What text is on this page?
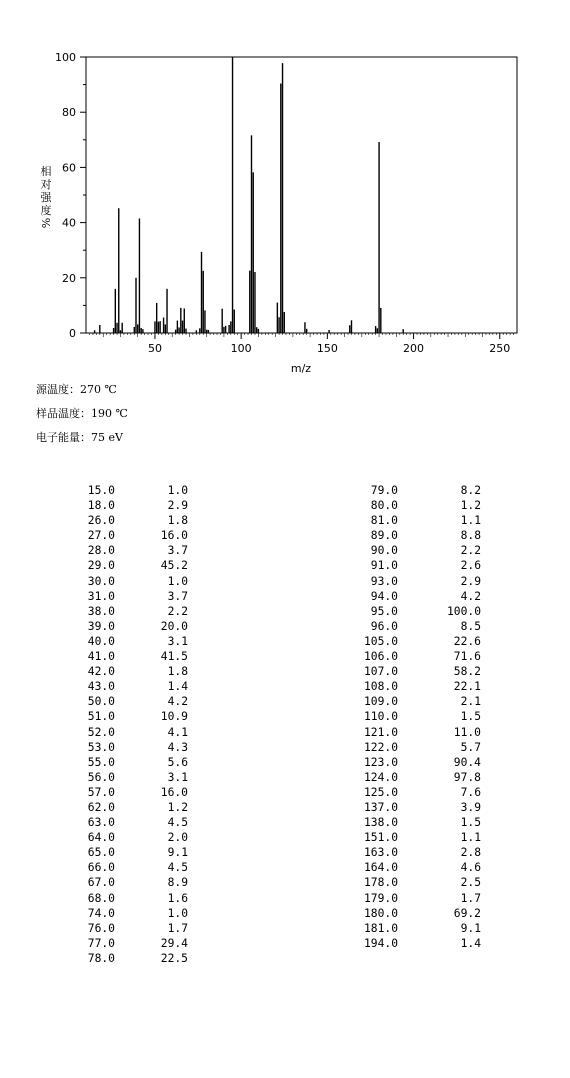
0
20
40
60
80
100
50	100	150	200	250
相
对
强
度
%
m/z
源温度：270 ℃
样品温度：190 ℃
电子能量：75 eV
15.0	1.0
18.0	2.9
26.0	1.8
27.0	16.0
28.0	3.7
29.0	45.2
30.0	1.0
31.0	3.7
38.0	2.2
39.0	20.0
40.0	3.1
41.0	41.5
42.0	1.8
43.0	1.4
50.0	4.2
51.0	10.9
52.0	4.1
53.0	4.3
55.0	5.6
56.0	3.1
57.0	16.0
62.0	1.2
63.0	4.5
64.0	2.0
65.0	9.1
66.0	4.5
67.0	8.9
68.0	1.6
74.0	1.0
76.0	1.7
77.0	29.4
78.0	22.5
79.0	8.2
80.0	1.2
81.0	1.1
89.0	8.8
90.0	2.2
91.0	2.6
93.0	2.9
94.0	4.2
95.0	100.0
96.0	8.5
105.0	22.6
106.0	71.6
107.0	58.2
108.0	22.1
109.0	2.1
110.0	1.5
121.0	11.0
122.0	5.7
123.0	90.4
124.0	97.8
125.0	7.6
137.0	3.9
138.0	1.5
151.0	1.1
163.0	2.8
164.0	4.6
178.0	2.5
179.0	1.7
180.0	69.2
181.0	9.1
194.0	1.4
